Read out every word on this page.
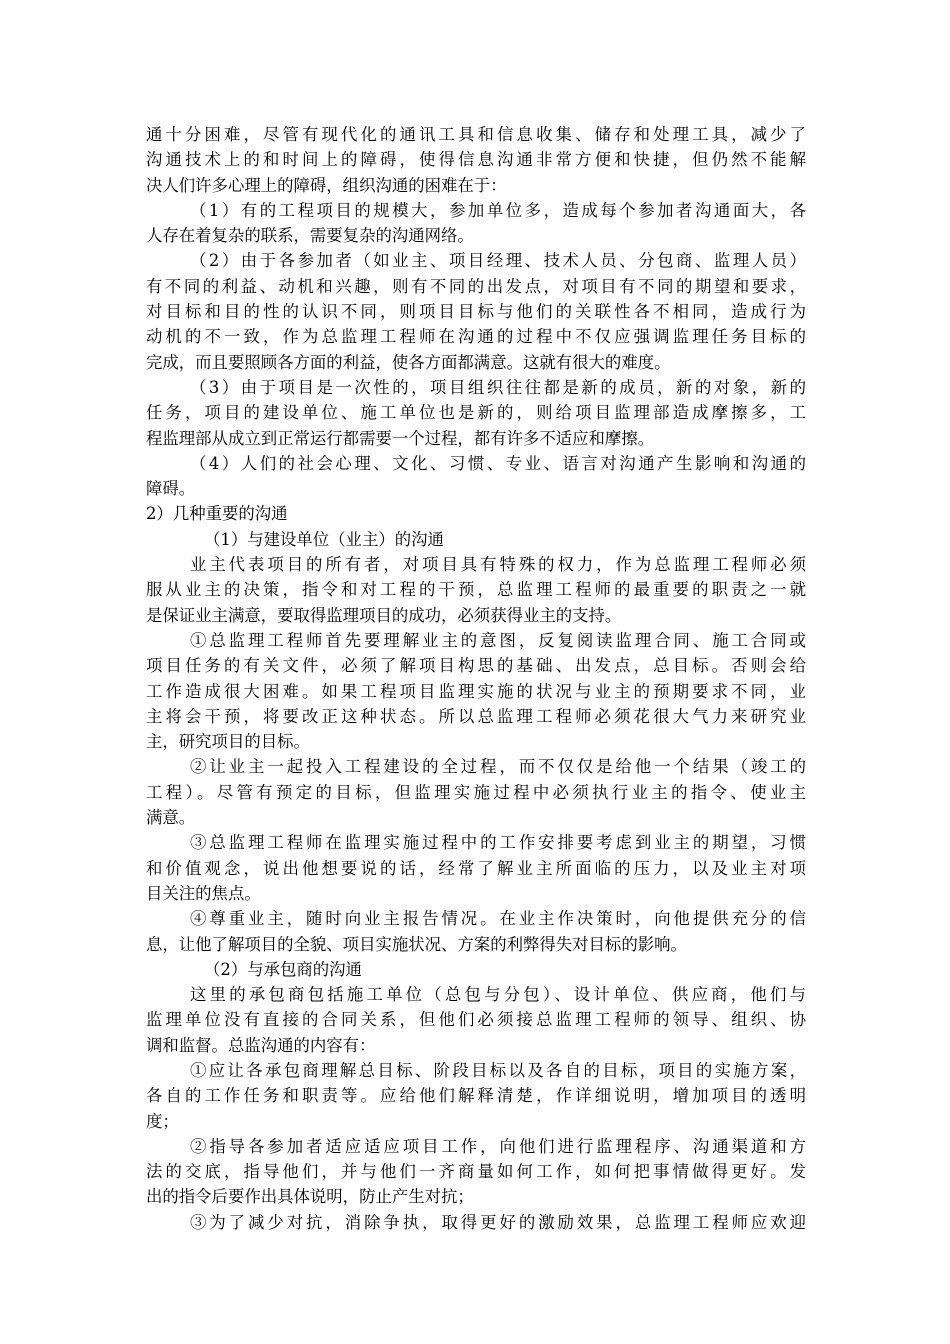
通十分困难，尽管有现代化的通讯工具和信息收集、储存和处理工具，减少了
沟通技术上的和时间上的障碍，使得信息沟通非常方便和快捷，但仍然不能解
决人们许多心理上的障碍，组织沟通的困难在于：
（1）有的工程项目的规模大，参加单位多，造成每个参加者沟通面大，各
人存在着复杂的联系，需要复杂的沟通网络。
（2）由于各参加者（如业主、项目经理、技术人员、分包商、监理人员）
有不同的利益、动机和兴趣，则有不同的出发点，对项目有不同的期望和要求，
对目标和目的性的认识不同，则项目目标与他们的关联性各不相同，造成行为
动机的不一致，作为总监理工程师在沟通的过程中不仅应强调监理任务目标的
完成，而且要照顾各方面的利益，使各方面都满意。这就有很大的难度。
（3）由于项目是一次性的，项目组织往往都是新的成员，新的对象，新的
任务，项目的建设单位、施工单位也是新的，则给项目监理部造成摩擦多，工
程监理部从成立到正常运行都需要一个过程，都有许多不适应和摩擦。
（4）人们的社会心理、文化、习惯、专业、语言对沟通产生影响和沟通的
障碍。
2）几种重要的沟通
（1）与建设单位（业主）的沟通
业主代表项目的所有者，对项目具有特殊的权力，作为总监理工程师必须
服从业主的决策，指令和对工程的干预，总监理工程师的最重要的职责之一就
是保证业主满意，要取得监理项目的成功，必须获得业主的支持。
①总监理工程师首先要理解业主的意图，反复阅读监理合同、施工合同或
项目任务的有关文件，必须了解项目构思的基础、出发点，总目标。否则会给
工作造成很大困难。如果工程项目监理实施的状况与业主的预期要求不同，业
主将会干预，将要改正这种状态。所以总监理工程师必须花很大气力来研究业
主，研究项目的目标。
②让业主一起投入工程建设的全过程，而不仅仅是给他一个结果（竣工的
工程）。尽管有预定的目标，但监理实施过程中必须执行业主的指令、使业主
满意。
③总监理工程师在监理实施过程中的工作安排要考虑到业主的期望，习惯
和价值观念，说出他想要说的话，经常了解业主所面临的压力，以及业主对项
目关注的焦点。
④尊重业主，随时向业主报告情况。在业主作决策时，向他提供充分的信
息，让他了解项目的全貌、项目实施状况、方案的利弊得失对目标的影响。
（2）与承包商的沟通
这里的承包商包括施工单位（总包与分包）、设计单位、供应商，他们与
监理单位没有直接的合同关系，但他们必须接总监理工程师的领导、组织、协
调和监督。总监沟通的内容有：
①应让各承包商理解总目标、阶段目标以及各自的目标，项目的实施方案，
各自的工作任务和职责等。应给他们解释清楚，作详细说明，增加项目的透明
度；
②指导各参加者适应适应项目工作，向他们进行监理程序、沟通渠道和方
法的交底，指导他们，并与他们一齐商量如何工作，如何把事情做得更好。发
出的指令后要作出具体说明，防止产生对抗；
③为了减少对抗，消除争执，取得更好的激励效果，总监理工程师应欢迎
